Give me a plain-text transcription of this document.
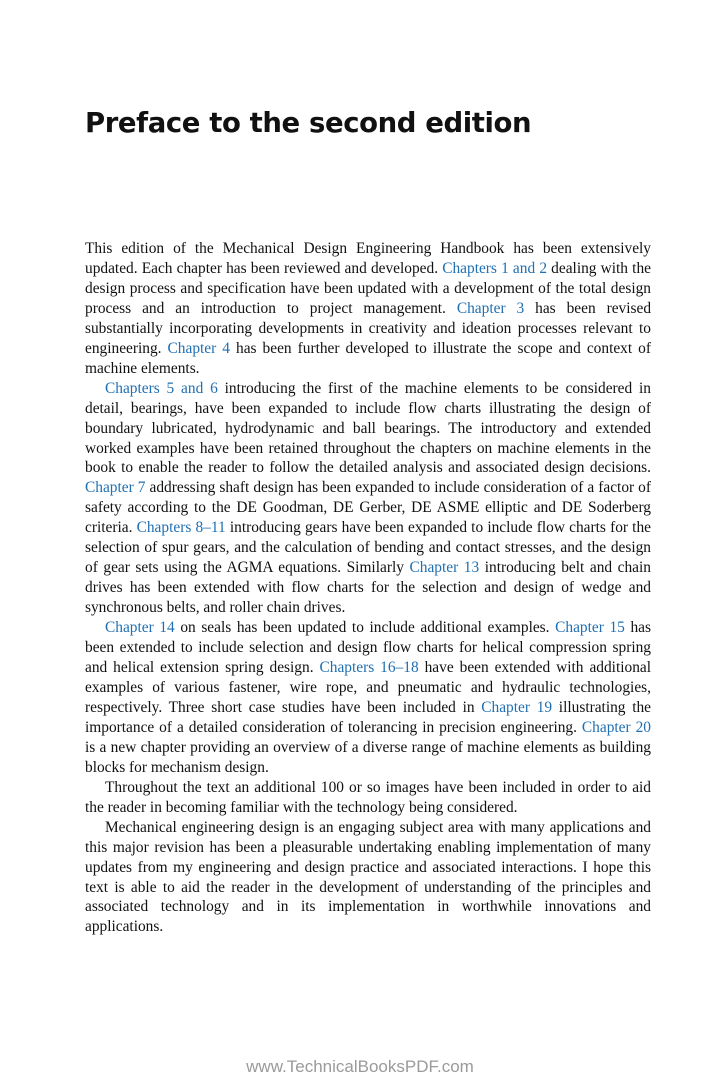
Preface to the second edition

This edition of the Mechanical Design Engineering Handbook has been extensively updated. Each chapter has been reviewed and developed. Chapters 1 and 2 dealing with the design process and specification have been updated with a development of the total design process and an introduction to project management. Chapter 3 has been revised substantially incorporating developments in creativity and ideation processes relevant to engineering. Chapter 4 has been further developed to illustrate the scope and context of machine elements.

Chapters 5 and 6 introducing the first of the machine elements to be considered in detail, bearings, have been expanded to include flow charts illustrating the design of boundary lubricated, hydrodynamic and ball bearings. The introductory and extended worked examples have been retained throughout the chapters on machine elements in the book to enable the reader to follow the detailed analysis and associated design decisions. Chapter 7 addressing shaft design has been expanded to include consideration of a factor of safety according to the DE Goodman, DE Gerber, DE ASME elliptic and DE Soderberg criteria. Chapters 8–11 introducing gears have been expanded to include flow charts for the selection of spur gears, and the calculation of bending and contact stresses, and the design of gear sets using the AGMA equations. Similarly Chapter 13 introducing belt and chain drives has been extended with flow charts for the selection and design of wedge and synchronous belts, and roller chain drives.

Chapter 14 on seals has been updated to include additional examples. Chapter 15 has been extended to include selection and design flow charts for helical compression spring and helical extension spring design. Chapters 16–18 have been extended with additional examples of various fastener, wire rope, and pneumatic and hydraulic technologies, respectively. Three short case studies have been included in Chapter 19 illustrating the importance of a detailed consideration of tolerancing in precision engineering. Chapter 20 is a new chapter providing an overview of a diverse range of machine elements as building blocks for mechanism design.

Throughout the text an additional 100 or so images have been included in order to aid the reader in becoming familiar with the technology being considered.

Mechanical engineering design is an engaging subject area with many applications and this major revision has been a pleasurable undertaking enabling implementation of many updates from my engineering and design practice and associated interactions. I hope this text is able to aid the reader in the development of understanding of the principles and associated technology and in its implementation in worthwhile innovations and applications.

www.TechnicalBooksPDF.com
